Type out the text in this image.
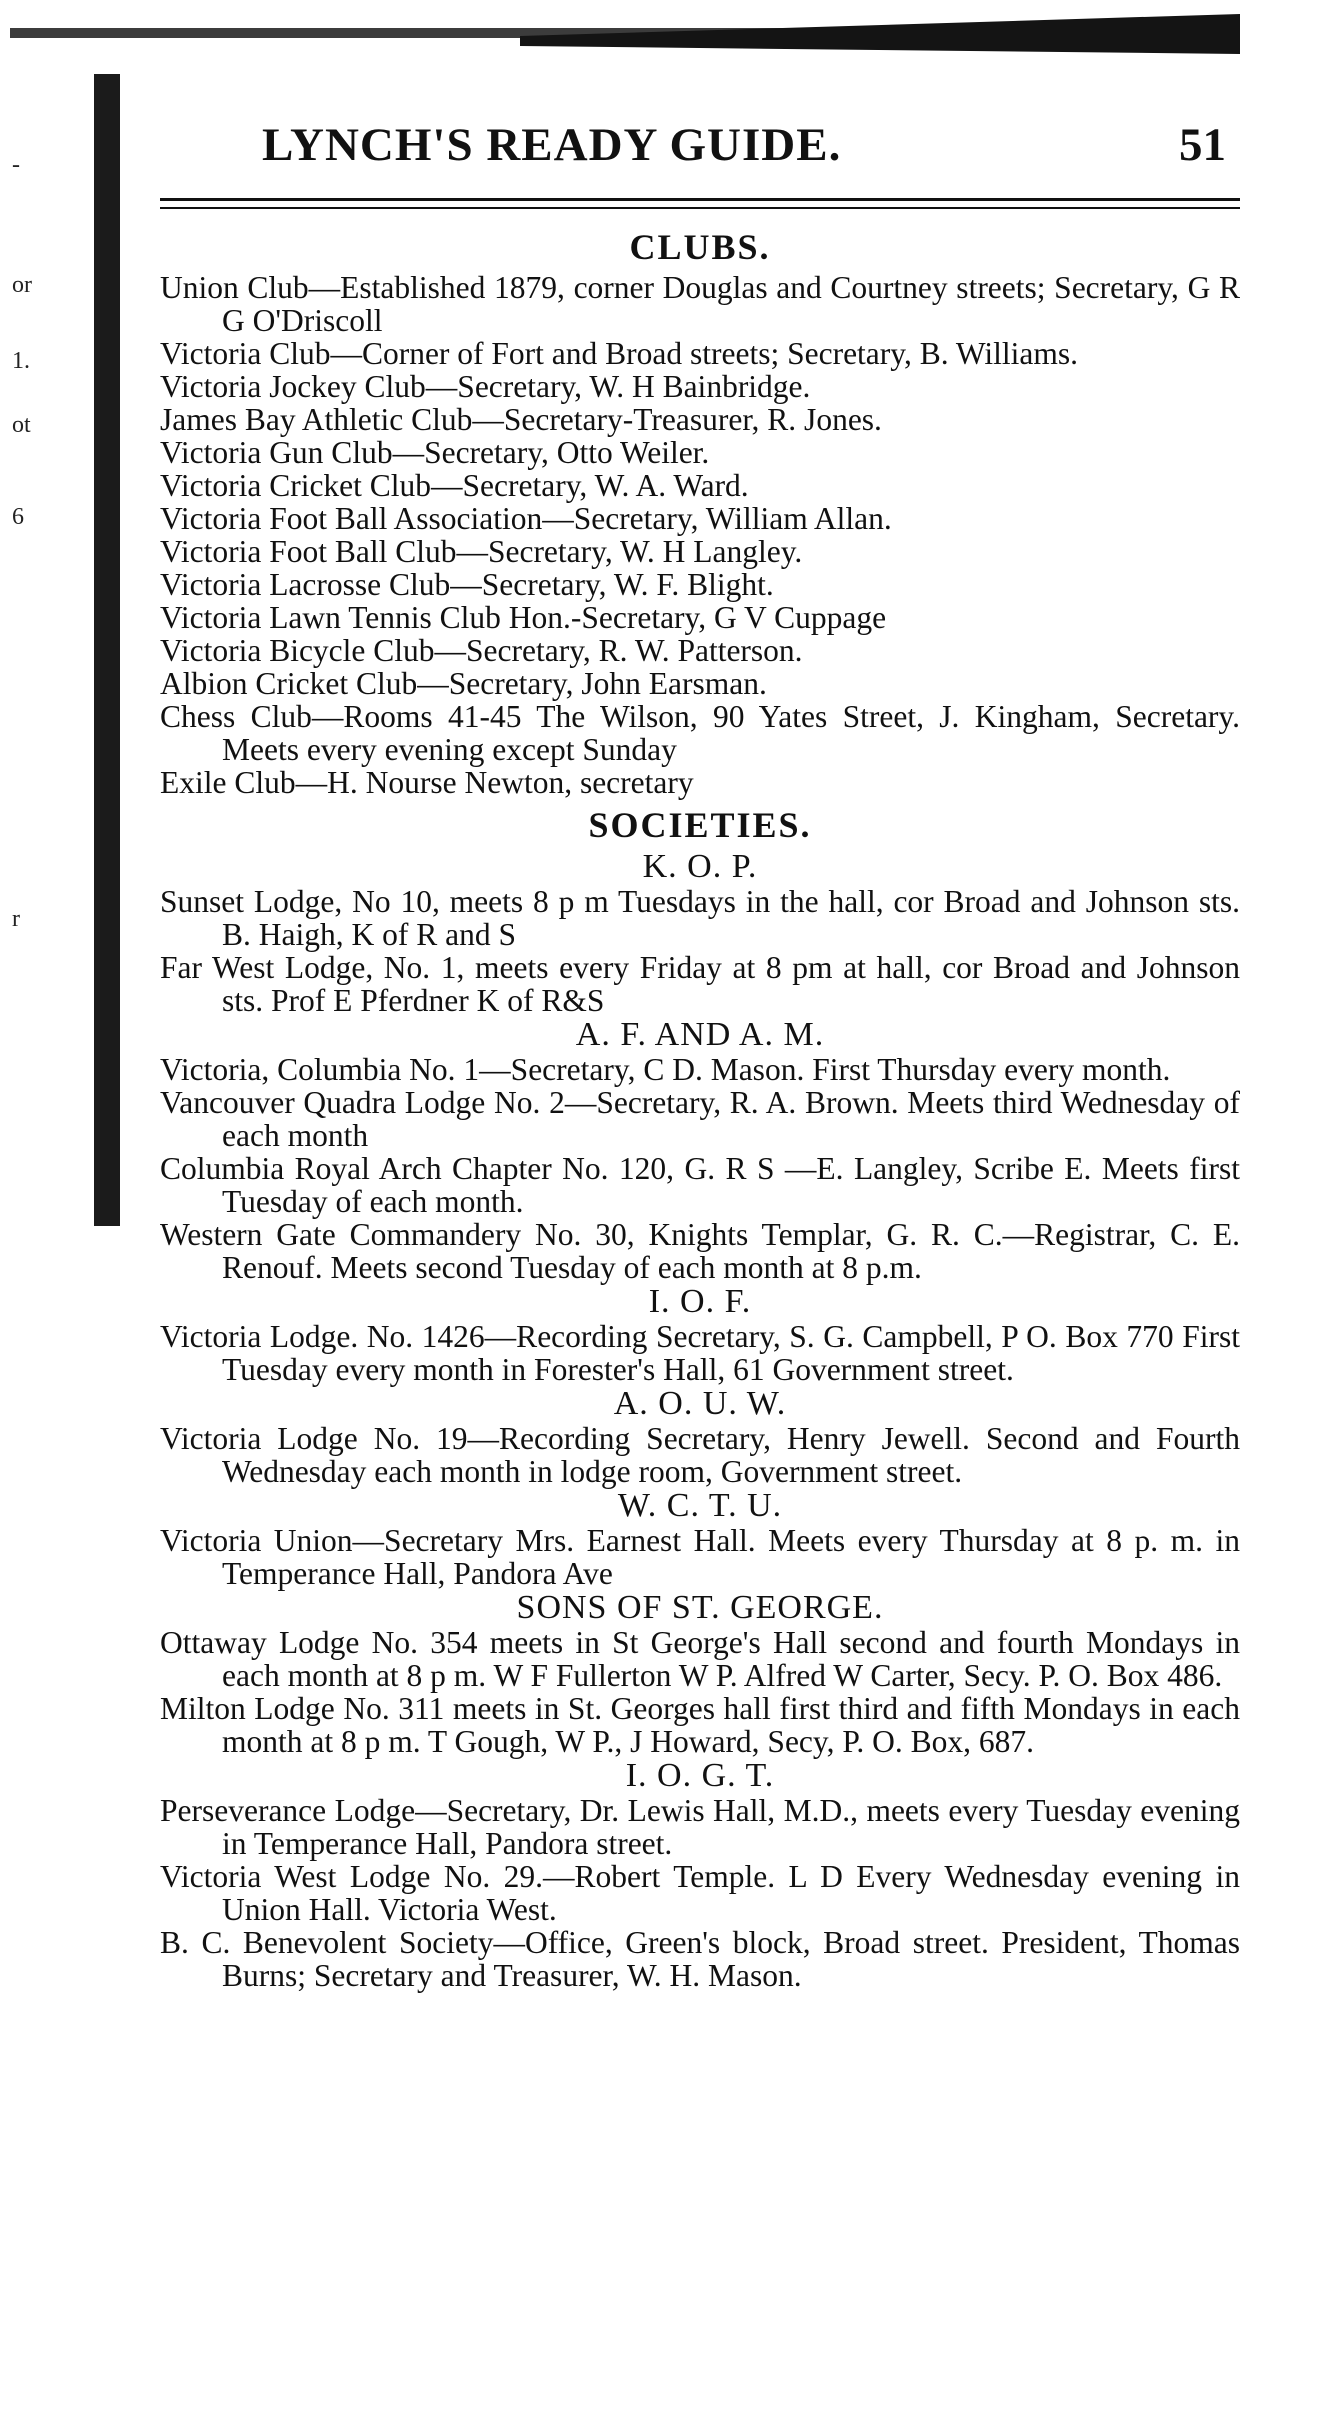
-
or
1.
ot
6
r
LYNCH'S READY GUIDE.	51
CLUBS.
Union Club—Established 1879, corner Douglas and Courtney streets; Secretary, G R G O'Driscoll
Victoria Club—Corner of Fort and Broad streets; Secretary, B. Williams.
Victoria Jockey Club—Secretary, W. H Bainbridge.
James Bay Athletic Club—Secretary-Treasurer, R. Jones.
Victoria Gun Club—Secretary, Otto Weiler.
Victoria Cricket Club—Secretary, W. A. Ward.
Victoria Foot Ball Association—Secretary, William Allan.
Victoria Foot Ball Club—Secretary, W. H Langley.
Victoria Lacrosse Club—Secretary, W. F. Blight.
Victoria Lawn Tennis Club Hon.-Secretary, G V Cuppage
Victoria Bicycle Club—Secretary, R. W. Patterson.
Albion Cricket Club—Secretary, John Earsman.
Chess Club—Rooms 41-45 The Wilson, 90 Yates Street, J. Kingham, Secretary. Meets every evening except Sunday
Exile Club—H. Nourse Newton, secretary
SOCIETIES.
K. O. P.
Sunset Lodge, No 10, meets 8 p m Tuesdays in the hall, cor Broad and Johnson sts. B. Haigh, K of R and S
Far West Lodge, No. 1, meets every Friday at 8 pm at hall, cor Broad and Johnson sts. Prof E Pferdner K of R&S
A. F. AND A. M.
Victoria, Columbia No. 1—Secretary, C D. Mason. First Thursday every month.
Vancouver Quadra Lodge No. 2—Secretary, R. A. Brown. Meets third Wednesday of each month
Columbia Royal Arch Chapter No. 120, G. R S —E. Langley, Scribe E. Meets first Tuesday of each month.
Western Gate Commandery No. 30, Knights Templar, G. R. C.—Registrar, C. E. Renouf. Meets second Tuesday of each month at 8 p.m.
I. O. F.
Victoria Lodge. No. 1426—Recording Secretary, S. G. Campbell, P O. Box 770 First Tuesday every month in Forester's Hall, 61 Government street.
A. O. U. W.
Victoria Lodge No. 19—Recording Secretary, Henry Jewell. Second and Fourth Wednesday each month in lodge room, Government street.
W. C. T. U.
Victoria Union—Secretary Mrs. Earnest Hall. Meets every Thursday at 8 p. m. in Temperance Hall, Pandora Ave
SONS OF ST. GEORGE.
Ottaway Lodge No. 354 meets in St George's Hall second and fourth Mondays in each month at 8 p m. W F Fullerton W P. Alfred W Carter, Secy. P. O. Box 486.
Milton Lodge No. 311 meets in St. Georges hall first third and fifth Mondays in each month at 8 p m. T Gough, W P., J Howard, Secy, P. O. Box, 687.
I. O. G. T.
Perseverance Lodge—Secretary, Dr. Lewis Hall, M.D., meets every Tuesday evening in Temperance Hall, Pandora street.
Victoria West Lodge No. 29.—Robert Temple. L D Every Wednesday evening in Union Hall. Victoria West.
B. C. Benevolent Society—Office, Green's block, Broad street. President, Thomas Burns; Secretary and Treasurer, W. H. Mason.
